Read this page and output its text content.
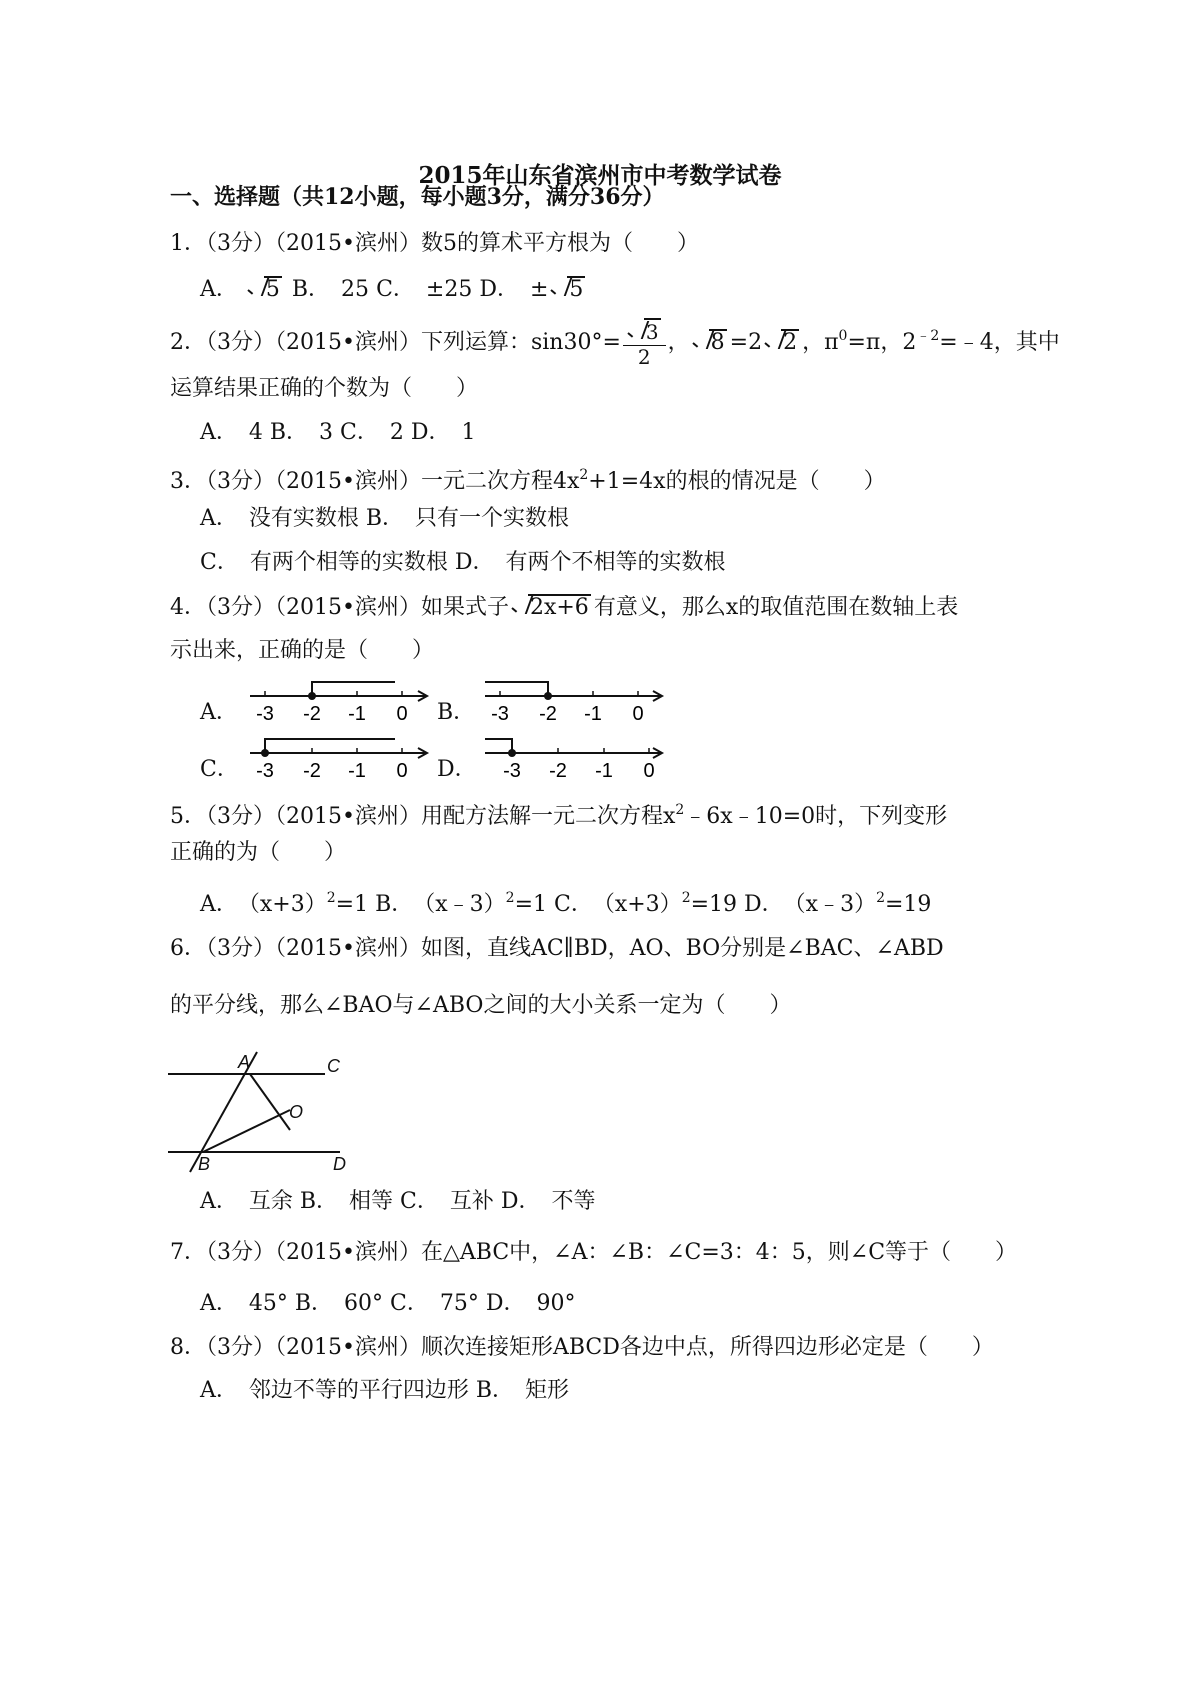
2015年山东省滨州市中考数学试卷
一、选择题（共12小题，每小题3分，满分36分）
1．（3分）（2015•滨州）数5的算术平方根为（　　）
A． 5 B．　25 C．　±25 D．　± 5
2．（3分）（2015•滨州）下列运算：$\sin 30^\circ= \frac{3}{2}$ ， 8 =2 2 ，$\pi^0=\pi$，$2^{﹣2}=﹣4$，其中
运算结果正确的个数为（　　）
A．　4 B．　3 C．　2 D．　1
3．（3分）（2015•滨州）一元二次方程$4x^2+1=4x$的根的情况是（　　）
A．　没有实数根 B．　只有一个实数根
C．　有两个相等的实数根 D．　有两个不相等的实数根
4．（3分）（2015•滨州）如果式子 2x+6 有意义，那么x的取值范围在数轴上表
示出来，正确的是（　　）
A．	B．
C．	D．
-3 -2 -1 0	-3 -2 -1 0
-3 -2 -1 0	-3 -2 -1 0
5．（3分）（2015•滨州）用配方法解一元二次方程$x^2﹣6x﹣10=0$时，下列变形
正确的为（　　）
A．　$(x+3)^2=1$ B．　（x﹣3）$^2$=1 C．　$(x+3)^2=19$ D．　（x﹣3）$^2$=19
6．（3分）（2015•滨州）如图，直线AC∥BD，AO、BO分别是∠BAC、∠ABD
的平分线，那么∠BAO与∠ABO之间的大小关系一定为（　　）
A	C
O
B	D
A．　互余 B．　相等 C．　互补 D．　不等
7．（3分）（2015•滨州）在△ABC中，∠A：∠B：∠C=3：4：5，则∠C等于（　　）
A．　45° B．　60° C．　75° D．　90°
8．（3分）（2015•滨州）顺次连接矩形ABCD各边中点，所得四边形必定是（　　）
A．　邻边不等的平行四边形 B．　矩形
